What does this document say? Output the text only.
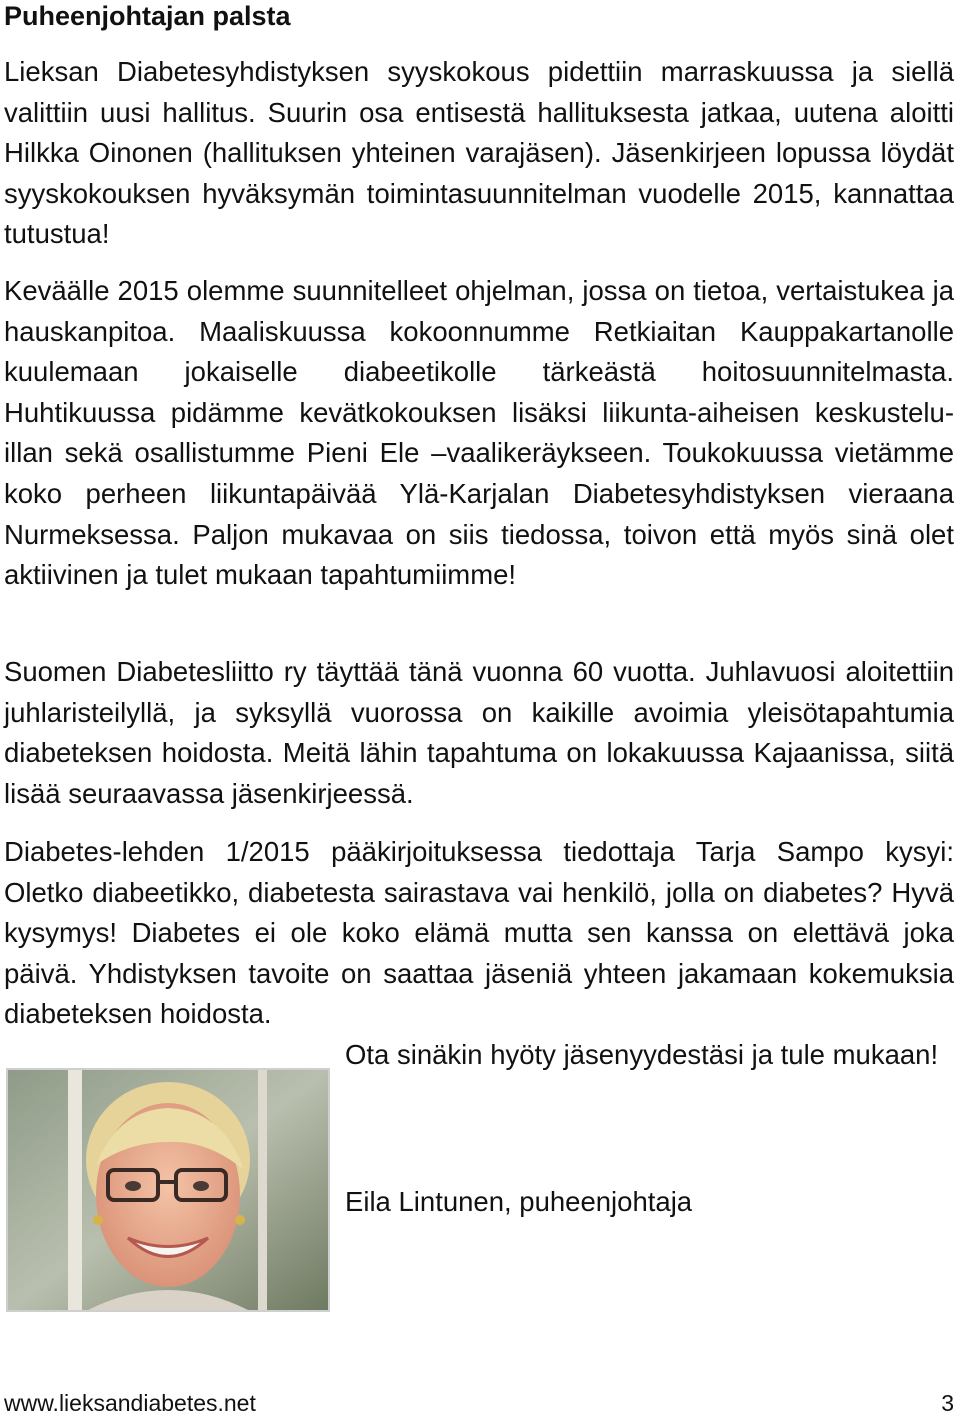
Puheenjohtajan palsta

Lieksan Diabetesyhdistyksen syyskokous pidettiin marraskuussa ja siellä valittiin uusi hallitus. Suurin osa entisestä hallituksesta jatkaa, uutena aloitti Hilkka Oinonen (hallituksen yhteinen varajäsen). Jäsenkirjeen lopussa löydät syyskokouksen hyväksymän toimintasuunnitelman vuodelle 2015, kannattaa tutustua!

Keväälle 2015 olemme suunnitelleet ohjelman, jossa on tietoa, vertaistukea ja hauskanpitoa. Maaliskuussa kokoonnumme Retkiaitan Kauppakartanolle kuulemaan jokaiselle diabeetikolle tärkeästä hoitosuunnitelmasta. Huhtikuussa pidämme kevätkokouksen lisäksi liikunta-aiheisen keskustelu-illan sekä osallistumme Pieni Ele –vaalikeräykseen. Toukokuussa vietämme koko perheen liikuntapäivää Ylä-Karjalan Diabetesyhdistyksen vieraana Nurmeksessa. Paljon mukavaa on siis tiedossa, toivon että myös sinä olet aktiivinen ja tulet mukaan tapahtumiimme!

Suomen Diabetesliitto ry täyttää tänä vuonna 60 vuotta. Juhlavuosi aloitettiin juhlaristeilyllä, ja syksyllä vuorossa on kaikille avoimia yleisötapahtumia diabeteksen hoidosta. Meitä lähin tapahtuma on lokakuussa Kajaanissa, siitä lisää seuraavassa jäsenkirjeessä.

Diabetes-lehden 1/2015 pääkirjoituksessa tiedottaja Tarja Sampo kysyi: Oletko diabeetikko, diabetesta sairastava vai henkilö, jolla on diabetes? Hyvä kysymys! Diabetes ei ole koko elämä mutta sen kanssa on elettävä joka päivä. Yhdistyksen tavoite on saattaa jäseniä yhteen jakamaan kokemuksia diabeteksen hoidosta.

Ota sinäkin hyöty jäsenyydestäsi ja tule mukaan!

Eila Lintunen, puheenjohtaja

www.lieksandiabetes.net	3
